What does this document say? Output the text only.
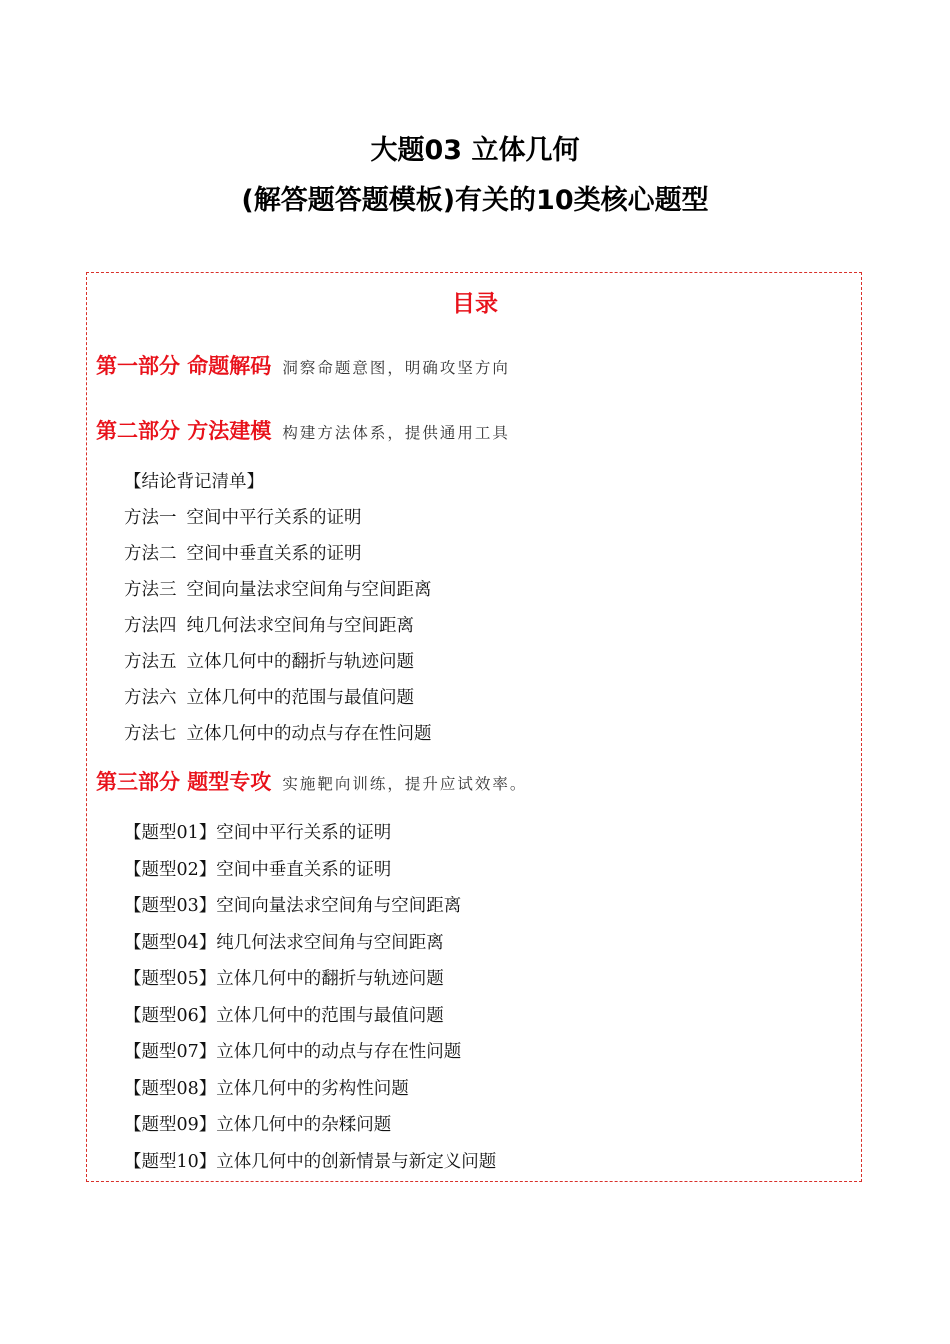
大题03 立体几何
(解答题答题模板)有关的10类核心题型
目录
第一部分 命题解码 洞察命题意图，明确攻坚方向
第二部分 方法建模 构建方法体系，提供通用工具
【结论背记清单】
方法一 空间中平行关系的证明
方法二 空间中垂直关系的证明
方法三 空间向量法求空间角与空间距离
方法四 纯几何法求空间角与空间距离
方法五 立体几何中的翻折与轨迹问题
方法六 立体几何中的范围与最值问题
方法七 立体几何中的动点与存在性问题
第三部分 题型专攻 实施靶向训练，提升应试效率。
【题型01】空间中平行关系的证明
【题型02】空间中垂直关系的证明
【题型03】空间向量法求空间角与空间距离
【题型04】纯几何法求空间角与空间距离
【题型05】立体几何中的翻折与轨迹问题
【题型06】立体几何中的范围与最值问题
【题型07】立体几何中的动点与存在性问题
【题型08】立体几何中的劣构性问题
【题型09】立体几何中的杂糅问题
【题型10】立体几何中的创新情景与新定义问题
